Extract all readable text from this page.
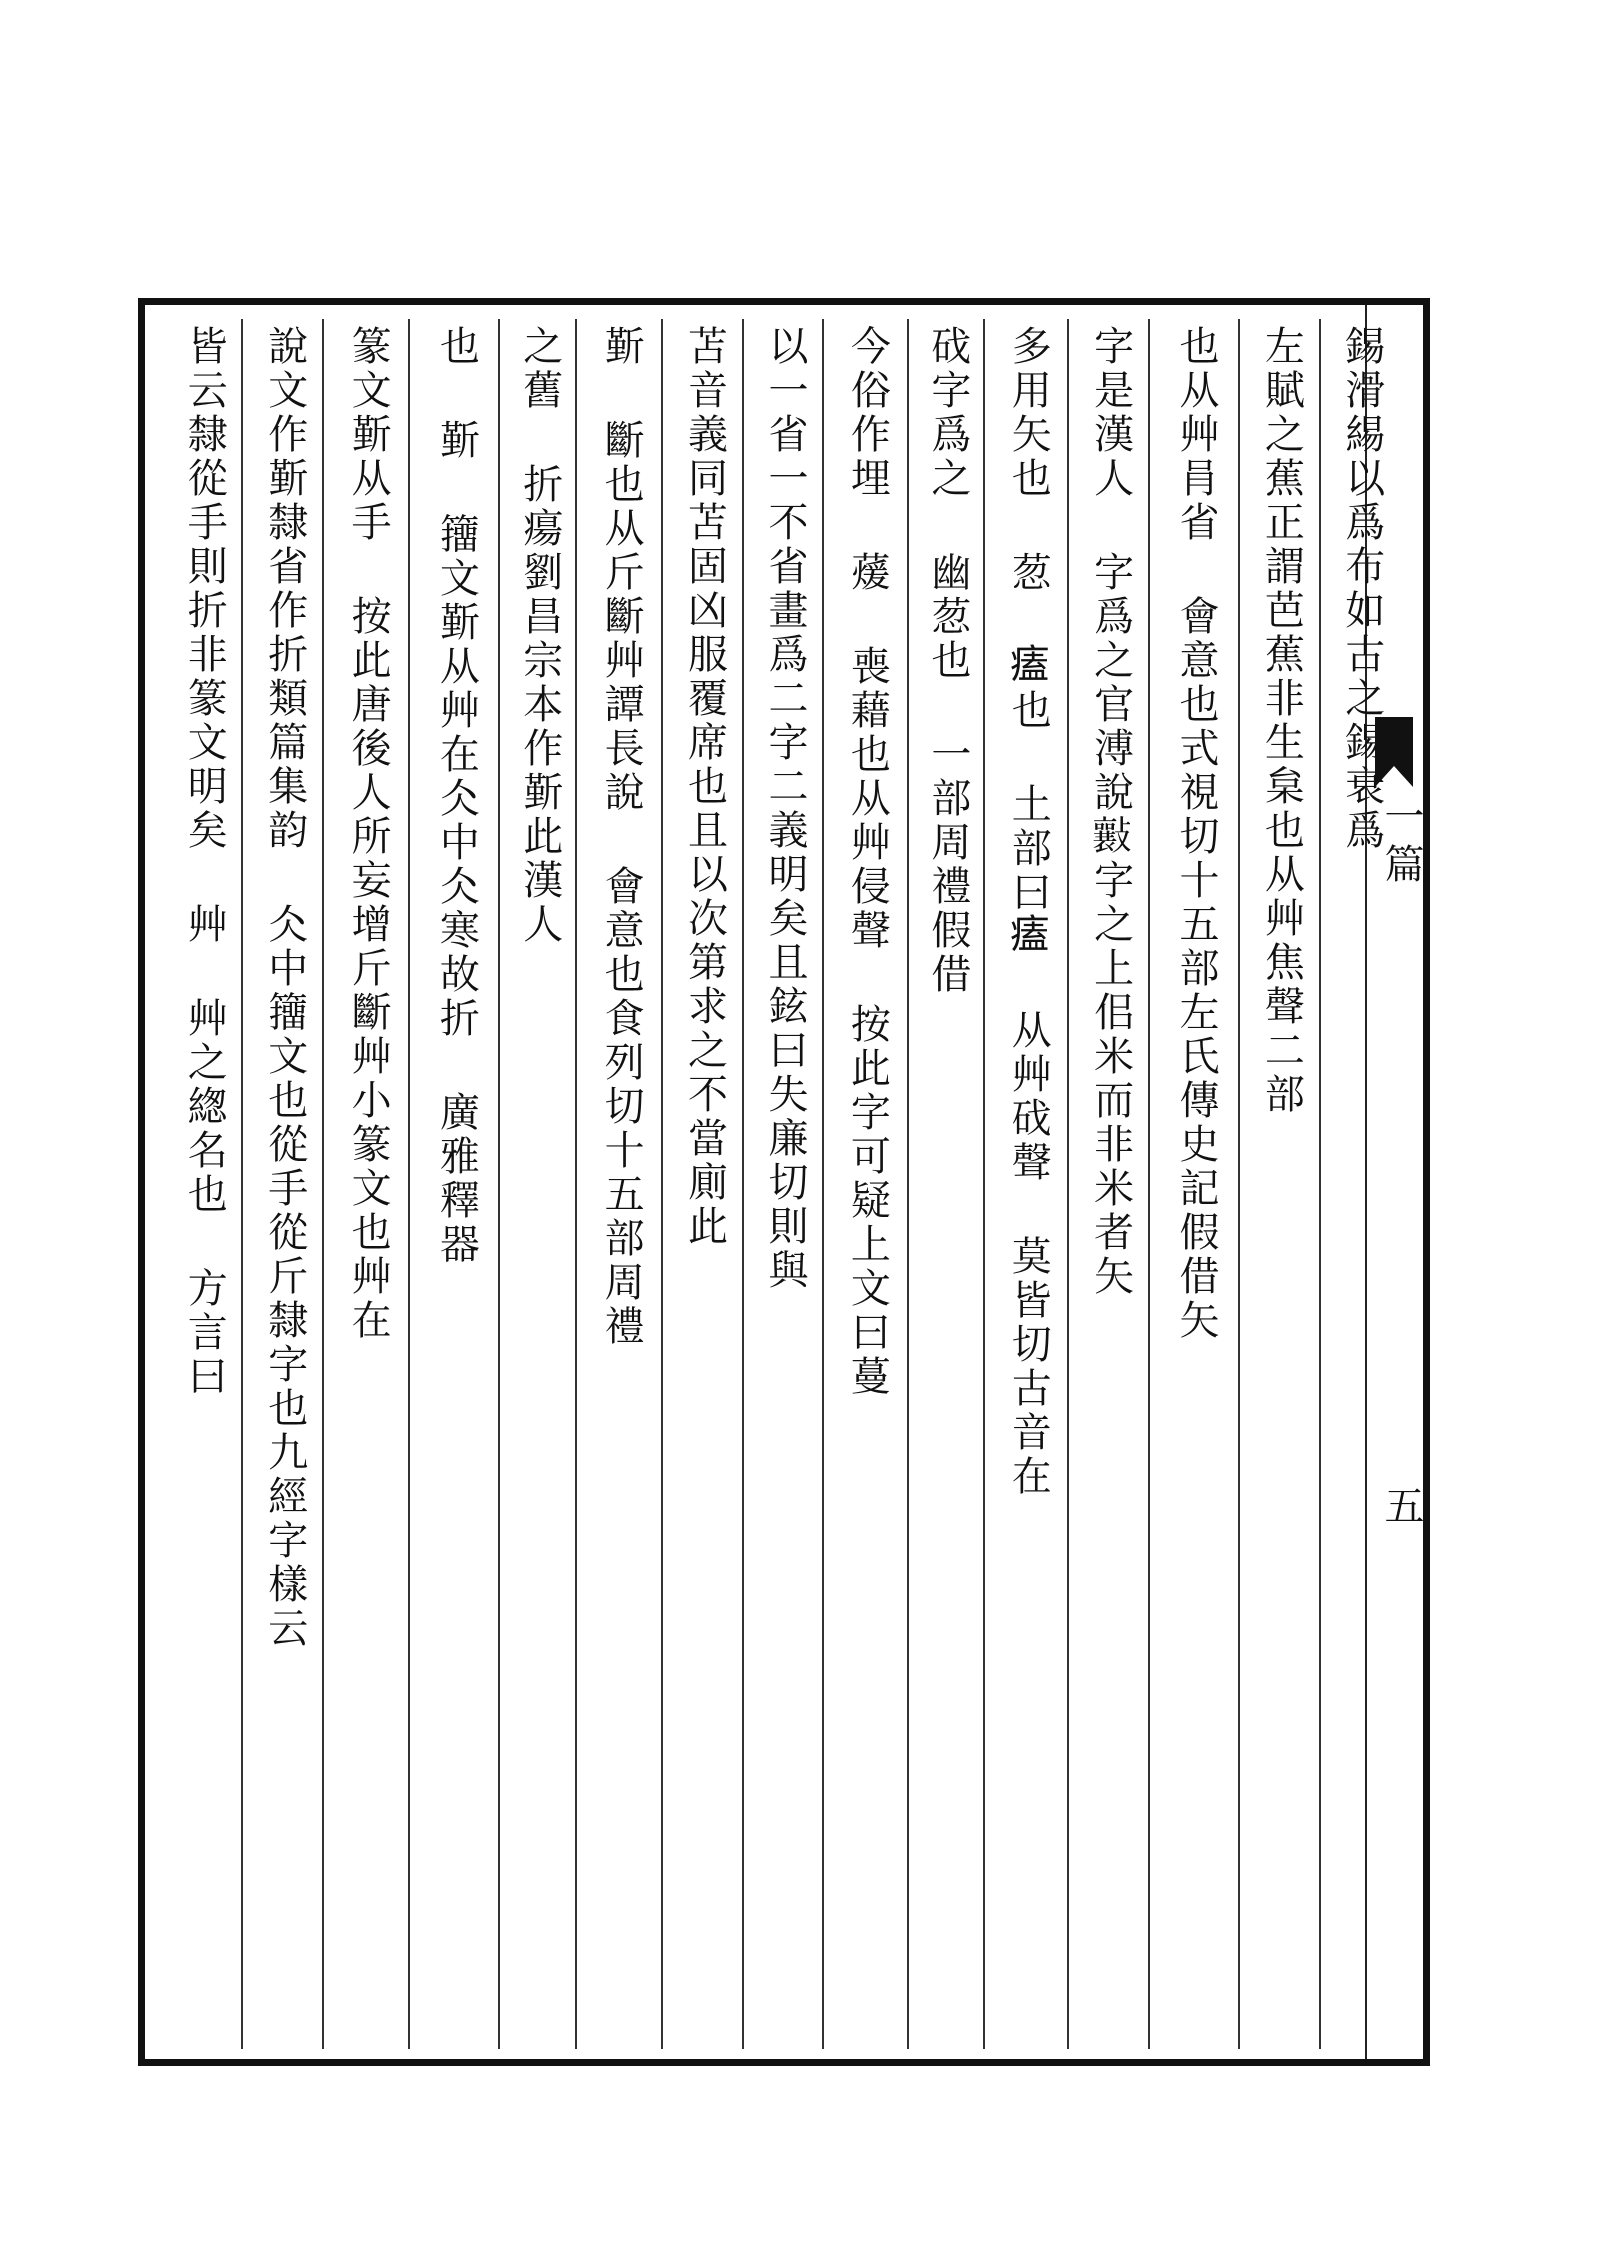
一篇
五
錫滑緆以爲布如古之錫衰爲
左賦之蕉正謂芭蕉非生枲也从艸焦聲二部
也从艸肙省 會意也式視切十五部左氏傳史記假借矢
字是漢人 字爲之官溥說𣀮字之上佀米而非米者矢
多用矢也 䓤 𤸱也 土部曰𤸱 从艸䂝聲 莫皆切古音在
䂝字爲之 幽䓤也 一部周禮假借
今俗作埋 蕿 喪藉也从艸侵聲 按此字可疑上文曰蔓
以一省一不省畫爲二字二義明矣且鉉曰失廉切則與
苫音義同苫固凶服覆席也且以次第求之不當廁此
𣂷 斷也从斤斷艸譚長說 會意也食列切十五部周禮
之舊 折瘍劉昌宗本作𣂷此漢人
也 𣂷 籒文𣂷从艸在仌中仌寒故折 廣雅釋器
篆文𣂷从手 按此唐後人所妄增斤斷艸小篆文也艸在
說文作𣂷隸省作折類篇集韵 仌中籒文也從手從斤隸字也九經字樣云
皆云隸從手則折非篆文明矣 艸 艸之緫名也 方言曰
